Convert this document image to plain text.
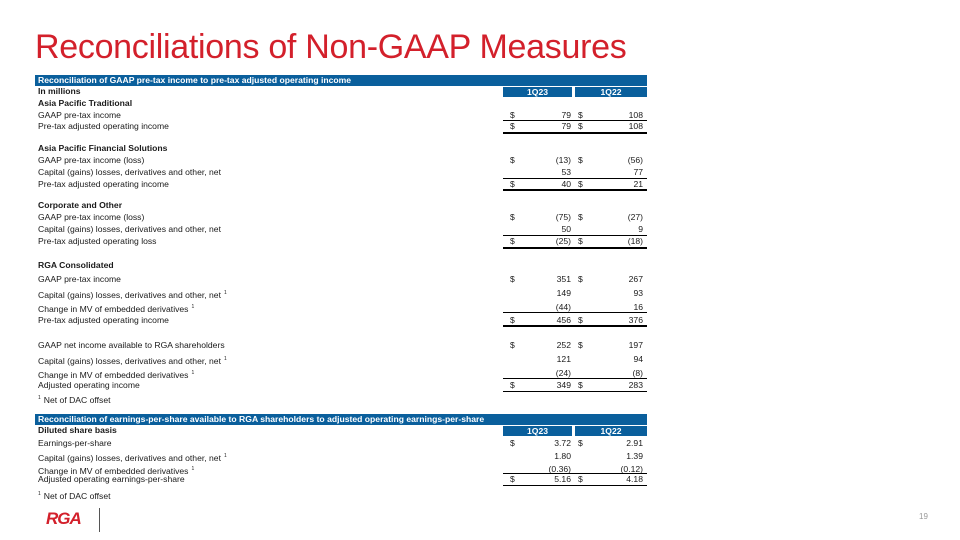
Reconciliations of Non-GAAP Measures
Reconciliation of GAAP pre-tax income to pre-tax adjusted operating income
In millions	1Q23	1Q22
Asia Pacific Traditional
GAAP pre-tax income	$	79 $	108
Pre-tax adjusted operating income	$	79 $	108
Asia Pacific Financial Solutions
GAAP pre-tax income (loss)	$	(13) $	(56)
Capital (gains) losses, derivatives and other, net	53	77
Pre-tax adjusted operating income	$	40 $	21
Corporate and Other
GAAP pre-tax income (loss)	$	(75) $	(27)
Capital (gains) losses, derivatives and other, net	50	9
Pre-tax adjusted operating loss	$	(25) $	(18)
RGA Consolidated
GAAP pre-tax income	$	351 $	267
Capital (gains) losses, derivatives and other, net $^1$	149	93
Change in MV of embedded derivatives $^1$	(44)	16
Pre-tax adjusted operating income	$	456 $	376
GAAP net income available to RGA shareholders	$	252 $	197
Capital (gains) losses, derivatives and other, net $^1$	121	94
Change in MV of embedded derivatives $^1$	(24)	(8)
Adjusted operating income	$	349 $	283
$^1$ Net of DAC offset
Reconciliation of earnings-per-share available to RGA shareholders to adjusted operating earnings-per-share
Diluted share basis	1Q23	1Q22
Earnings-per-share	$	3.72 $	2.91
Capital (gains) losses, derivatives and other, net $^1$	1.80	1.39
Change in MV of embedded derivatives $^1$	(0.36)	(0.12)
Adjusted operating earnings-per-share	$	5.16 $	4.18
$^1$ Net of DAC offset
RGA	19
